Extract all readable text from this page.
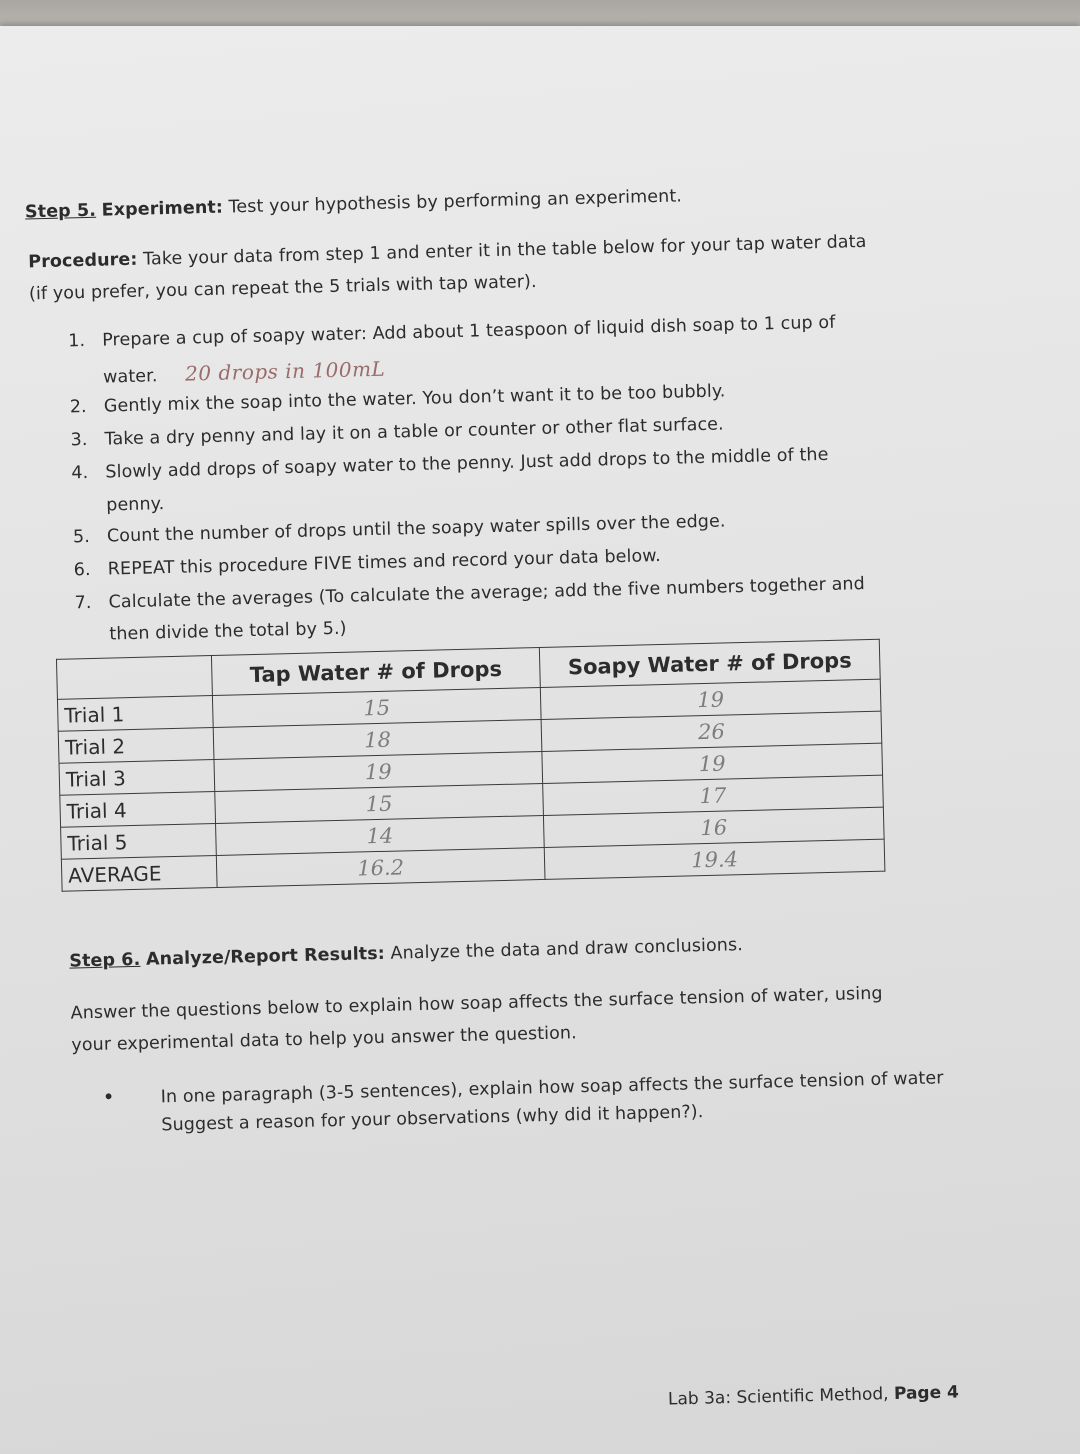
Step 5. Experiment: Test your hypothesis by performing an experiment.
Procedure: Take your data from step 1 and enter it in the table below for your tap water data
(if you prefer, you can repeat the 5 trials with tap water).
1. Prepare a cup of soapy water: Add about 1 teaspoon of liquid dish soap to 1 cup of
water. 20 drops in 100mL
2. Gently mix the soap into the water. You don’t want it to be too bubbly.
3. Take a dry penny and lay it on a table or counter or other flat surface.
4. Slowly add drops of soapy water to the penny. Just add drops to the middle of the
penny.
5. Count the number of drops until the soapy water spills over the edge.
6. REPEAT this procedure FIVE times and record your data below.
7. Calculate the averages (To calculate the average; add the five numbers together and
then divide the total by 5.)
	Tap Water # of Drops	Soapy Water # of Drops
Trial 1	15	19
Trial 2	18	26
Trial 3	19	19
Trial 4	15	17
Trial 5	14	16
AVERAGE	16.2	19.4
Step 6. Analyze/Report Results: Analyze the data and draw conclusions.
Answer the questions below to explain how soap affects the surface tension of water, using
your experimental data to help you answer the question.
•	In one paragraph (3-5 sentences), explain how soap affects the surface tension of water
Suggest a reason for your observations (why did it happen?).
Lab 3a: Scientific Method, Page 4
